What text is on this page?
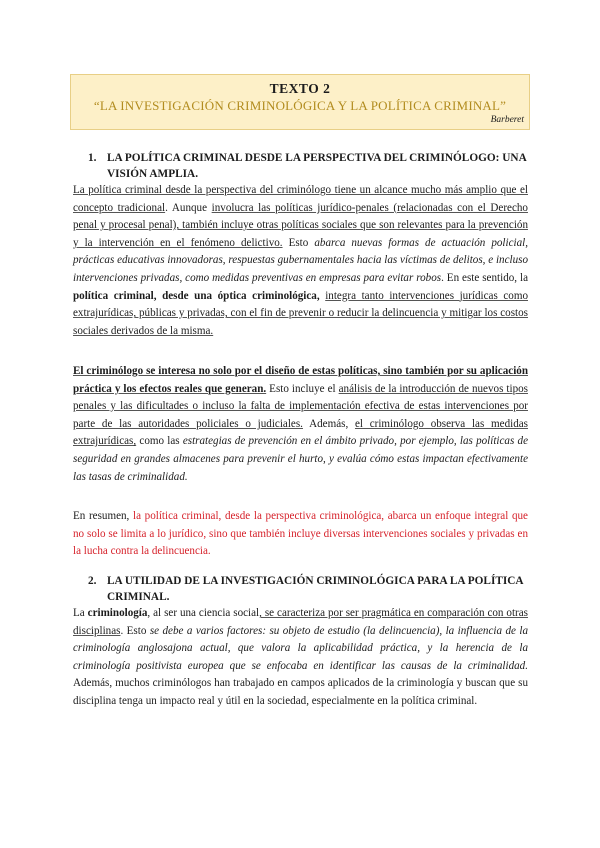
TEXTO 2
“LA INVESTIGACIÓN CRIMINOLÓGICA Y LA POLÍTICA CRIMINAL”
Barberet
1. LA POLÍTICA CRIMINAL DESDE LA PERSPECTIVA DEL CRIMINÓLOGO: UNA VISIÓN AMPLIA.

La política criminal desde la perspectiva del criminólogo tiene un alcance mucho más amplio que el concepto tradicional. Aunque involucra las políticas jurídico-penales (relacionadas con el Derecho penal y procesal penal), también incluye otras políticas sociales que son relevantes para la prevención y la intervención en el fenómeno delictivo. Esto abarca nuevas formas de actuación policial, prácticas educativas innovadoras, respuestas gubernamentales hacia las víctimas de delitos, e incluso intervenciones privadas, como medidas preventivas en empresas para evitar robos. En este sentido, la política criminal, desde una óptica criminológica, integra tanto intervenciones jurídicas como extrajurídicas, públicas y privadas, con el fin de prevenir o reducir la delincuencia y mitigar los costos sociales derivados de la misma.

El criminólogo se interesa no solo por el diseño de estas políticas, sino también por su aplicación práctica y los efectos reales que generan. Esto incluye el análisis de la introducción de nuevos tipos penales y las dificultades o incluso la falta de implementación efectiva de estas intervenciones por parte de las autoridades policiales o judiciales. Además, el criminólogo observa las medidas extrajurídicas, como las estrategias de prevención en el ámbito privado, por ejemplo, las políticas de seguridad en grandes almacenes para prevenir el hurto, y evalúa cómo estas impactan efectivamente las tasas de criminalidad.

En resumen, la política criminal, desde la perspectiva criminológica, abarca un enfoque integral que no solo se limita a lo jurídico, sino que también incluye diversas intervenciones sociales y privadas en la lucha contra la delincuencia.

2. LA UTILIDAD DE LA INVESTIGACIÓN CRIMINOLÓGICA PARA LA POLÍTICA CRIMINAL.

La criminología, al ser una ciencia social, se caracteriza por ser pragmática en comparación con otras disciplinas. Esto se debe a varios factores: su objeto de estudio (la delincuencia), la influencia de la criminología anglosajona actual, que valora la aplicabilidad práctica, y la herencia de la criminología positivista europea que se enfocaba en identificar las causas de la criminalidad. Además, muchos criminólogos han trabajado en campos aplicados de la criminología y buscan que su disciplina tenga un impacto real y útil en la sociedad, especialmente en la política criminal.
